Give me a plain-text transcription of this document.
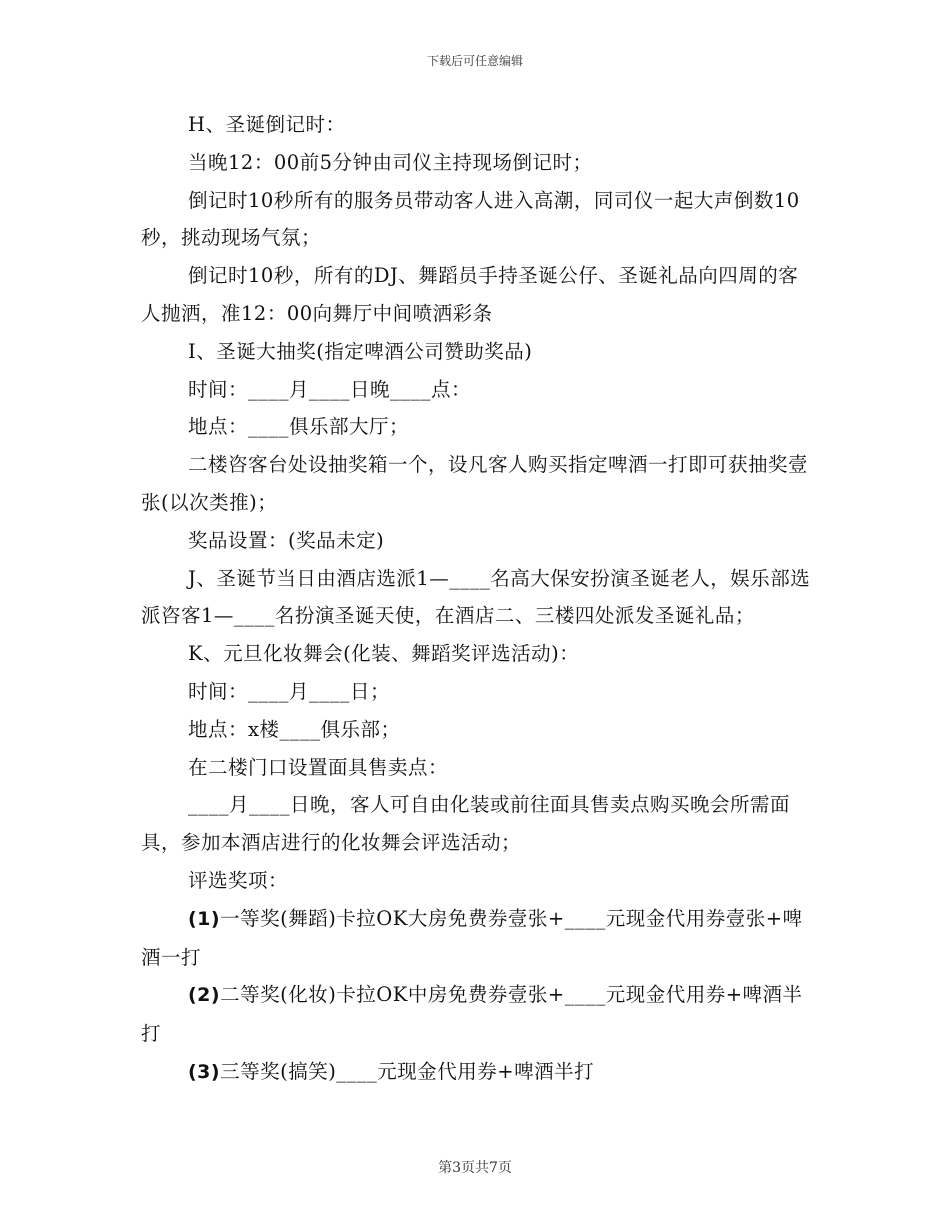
下载后可任意编辑

H、圣诞倒记时：

当晚12：00前5分钟由司仪主持现场倒记时；

倒记时10秒所有的服务员带动客人进入高潮，同司仪一起大声倒数10秒，挑动现场气氛；

倒记时10秒，所有的DJ、舞蹈员手持圣诞公仔、圣诞礼品向四周的客人抛洒，准12：00向舞厅中间喷洒彩条

I、圣诞大抽奖(指定啤酒公司赞助奖品)

时间：____月____日晚____点：

地点：____俱乐部大厅；

二楼咨客台处设抽奖箱一个，设凡客人购买指定啤酒一打即可获抽奖壹张(以次类推)；

奖品设置：(奖品未定)

J、圣诞节当日由酒店选派1—____名高大保安扮演圣诞老人，娱乐部选派咨客1—____名扮演圣诞天使，在酒店二、三楼四处派发圣诞礼品；

K、元旦化妆舞会(化装、舞蹈奖评选活动)：

时间：____月____日；

地点：x楼____俱乐部；

在二楼门口设置面具售卖点：

____月____日晚，客人可自由化装或前往面具售卖点购买晚会所需面具，参加本酒店进行的化妆舞会评选活动；

评选奖项：

(1)一等奖(舞蹈)卡拉OK大房免费券壹张+____元现金代用券壹张+啤酒一打

(2)二等奖(化妆)卡拉OK中房免费券壹张+____元现金代用券+啤酒半打

(3)三等奖(搞笑)____元现金代用券+啤酒半打

第3页共7页
